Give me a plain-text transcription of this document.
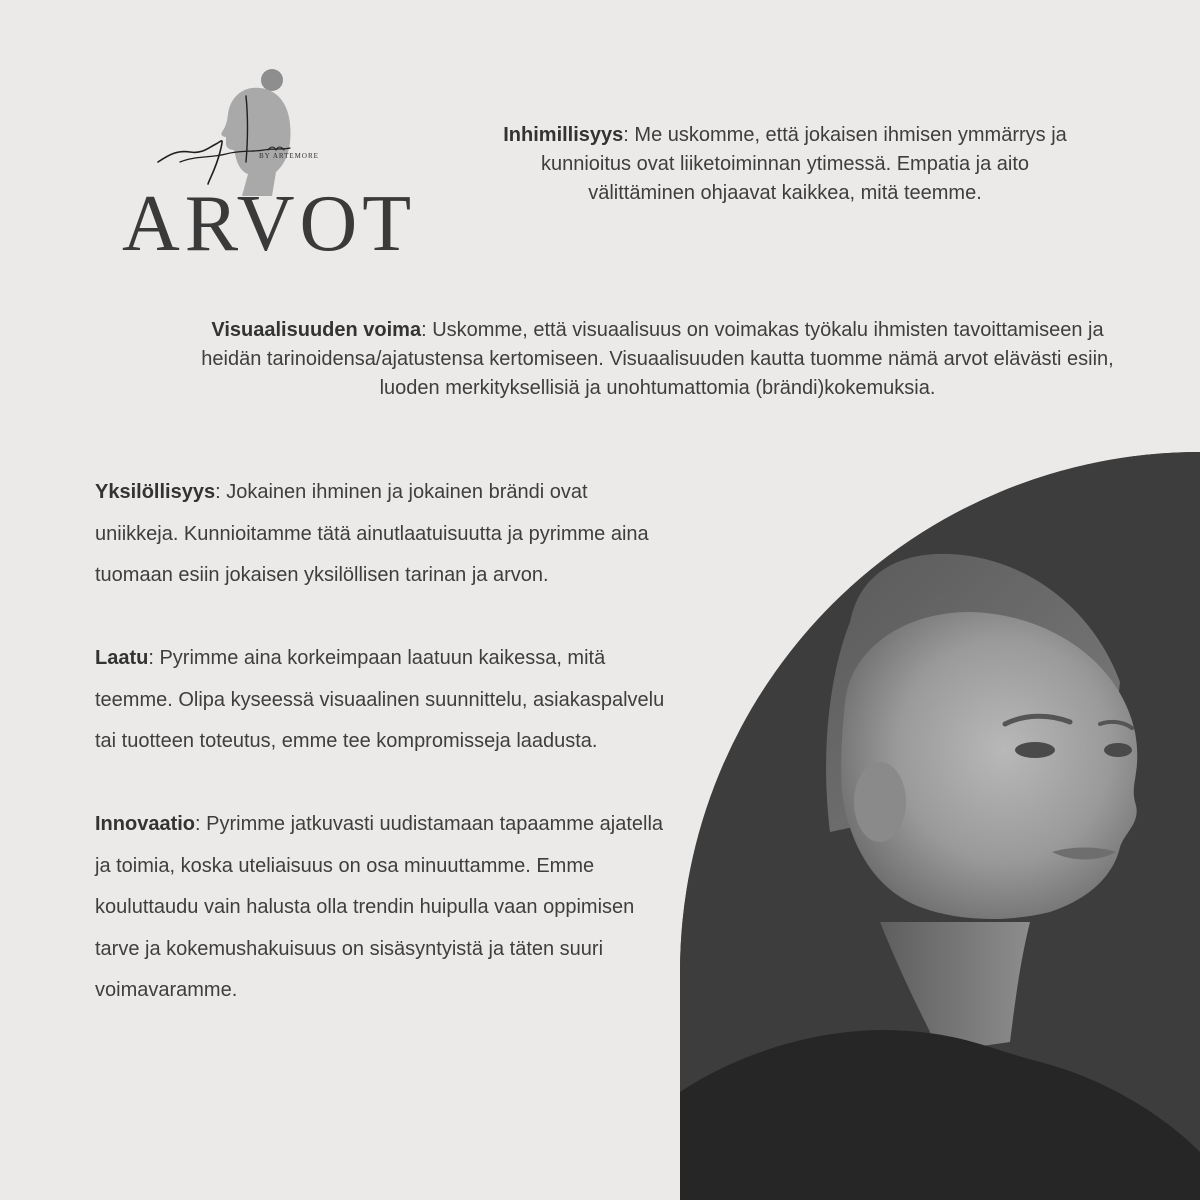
BY ARTEMORE
ARVOT

Inhimillisyys: Me uskomme, että jokaisen ihmisen ymmärrys ja kunnioitus ovat liiketoiminnan ytimessä. Empatia ja aito välittäminen ohjaavat kaikkea, mitä teemme.

Visuaalisuuden voima: Uskomme, että visuaalisuus on voimakas työkalu ihmisten tavoittamiseen ja heidän tarinoidensa/ajatustensa kertomiseen. Visuaalisuuden kautta tuomme nämä arvot elävästi esiin, luoden merkityksellisiä ja unohtumattomia (brändi)kokemuksia.

Yksilöllisyys: Jokainen ihminen ja jokainen brändi ovat uniikkeja. Kunnioitamme tätä ainutlaatuisuutta ja pyrimme aina tuomaan esiin jokaisen yksilöllisen tarinan ja arvon.

Laatu: Pyrimme aina korkeimpaan laatuun kaikessa, mitä teemme. Olipa kyseessä visuaalinen suunnittelu, asiakaspalvelu tai tuotteen toteutus, emme tee kompromisseja laadusta.

Innovaatio: Pyrimme jatkuvasti uudistamaan tapaamme ajatella ja toimia, koska uteliaisuus on osa minuuttamme. Emme kouluttaudu vain halusta olla trendin huipulla vaan oppimisen tarve ja kokemushakuisuus on sisäsyntyistä ja täten suuri voimavaramme.
